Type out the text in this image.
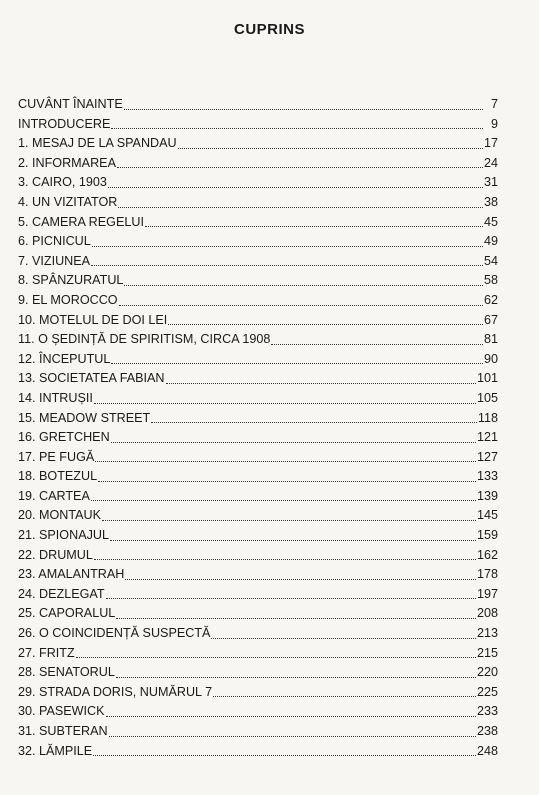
CUPRINS
CUVÂNT ÎNAINTE	7
INTRODUCERE	9
1. MESAJ DE LA SPANDAU	17
2. INFORMAREA	24
3. CAIRO, 1903	31
4. UN VIZITATOR	38
5. CAMERA REGELUI	45
6. PICNICUL	49
7. VIZIUNEA	54
8. SPÂNZURATUL	58
9. EL MOROCCO	62
10. MOTELUL DE DOI LEI	67
11. O ȘEDINȚĂ DE SPIRITISM, CIRCA 1908	81
12. ÎNCEPUTUL	90
13. SOCIETATEA FABIAN	101
14. INTRUȘII	105
15. MEADOW STREET	118
16. GRETCHEN	121
17. PE FUGĂ	127
18. BOTEZUL	133
19. CARTEA	139
20. MONTAUK	145
21. SPIONAJUL	159
22. DRUMUL	162
23. AMALANTRAH	178
24. DEZLEGAT	197
25. CAPORALUL	208
26. O COINCIDENȚĂ SUSPECTĂ	213
27. FRITZ	215
28. SENATORUL	220
29. STRADA DORIS, NUMĂRUL 7	225
30. PASEWICK	233
31. SUBTERAN	238
32. LĂMPILE	248
